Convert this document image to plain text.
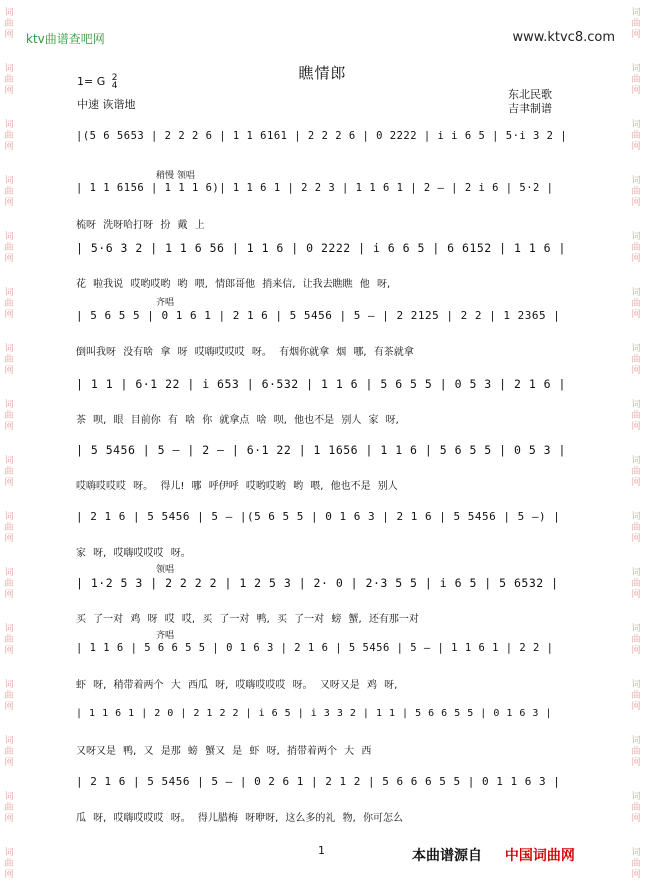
词曲网
词曲网
词曲网
词曲网
词曲网
词曲网
词曲网
词曲网
词曲网
词曲网
词曲网
词曲网
词曲网
词曲网
词曲网
词曲网
词曲网
词曲网
词曲网
词曲网
词曲网
词曲网
词曲网
词曲网
词曲网
词曲网
词曲网
词曲网
词曲网
词曲网
词曲网
词曲网
ktv曲谱查吧网	www.ktvc8.com
瞧情郎
1= G 2
4
中速 诙谐地
东北民歌
吉聿制谱
|(5 6 5653 | 2 2 2 6 | 1 1 6161 | 2 2 2 6 | 0 2222 | i i 6 5 | 5·i 3 2 |
稍慢 领唱
| 1 1 6156 | 1 1 1 6)| 1 1 6 1 | 2 2 3 | 1 1 6 1 | 2 – | 2 i 6 | 5·2 |
梳呀 洗呀哈打呀 扮 戴 上
| 5·6 3 2 | 1 1 6 56 | 1 1 6 | 0 2222 | i 6 6 5 | 6 6152 | 1 1 6 |
花 啦我说 哎哟哎哟 哟 喂, 情郎哥他 捎来信, 让我去瞧瞧 他 呀,
齐唱
| 5 6 5 5 | 0 1 6 1 | 2 1 6 | 5 5456 | 5 – | 2 2125 | 2 2 | 1 2365 |
倒叫我呀 没有啥 拿 呀 哎嗨哎哎哎 呀。 有烟你就拿 烟 哪, 有茶就拿
| 1 1 | 6·1 22 | i 653 | 6·532 | 1 1 6 | 5 6 5 5 | 0 5 3 | 2 1 6 |
茶 呗, 眼 目前你 有 啥 你 就拿点 啥 呗, 他也不是 别人 家 呀,
| 5 5456 | 5 – | 2 – | 6·1 22 | 1 1656 | 1 1 6 | 5 6 5 5 | 0 5 3 |
哎嗨哎哎哎 呀。 得儿! 哪 呼伊呼 哎哟哎哟 哟 喂, 他也不是 别人
| 2 1 6 | 5 5456 | 5 – |(5 6 5 5 | 0 1 6 3 | 2 1 6 | 5 5456 | 5 –) |
家 呀, 哎嗨哎哎哎 呀。
领唱
| 1·2 5 3 | 2 2 2 2 | 1 2 5 3 | 2· 0 | 2·3 5 5 | i 6 5 | 5 6532 |
买 了一对 鸡 呀 哎 哎, 买 了一对 鸭, 买 了一对 螃 蟹, 还有那一对
齐唱
| 1 1 6 | 5 6 6 5 5 | 0 1 6 3 | 2 1 6 | 5 5456 | 5 – | 1 1 6 1 | 2 2 |
虾 呀, 稍带着两个 大 西瓜 呀, 哎嗨哎哎哎 呀。 又呀又是 鸡 呀,
| 1 1 6 1 | 2 0 | 2 1 2 2 | i 6 5 | i 3 3 2 | 1 1 | 5 6 6 5 5 | 0 1 6 3 |
又呀又是 鸭, 又 是那 螃 蟹又 是 虾 呀, 捎带着两个 大 西
| 2 1 6 | 5 5456 | 5 – | 0 2 6 1 | 2 1 2 | 5 6 6 6 5 5 | 0 1 1 6 3 |
瓜 呀, 哎嗨哎哎哎 呀。 得儿腊梅 呀咿呀, 这么多的礼 物, 你可怎么
1	本曲谱源自 中国词曲网
